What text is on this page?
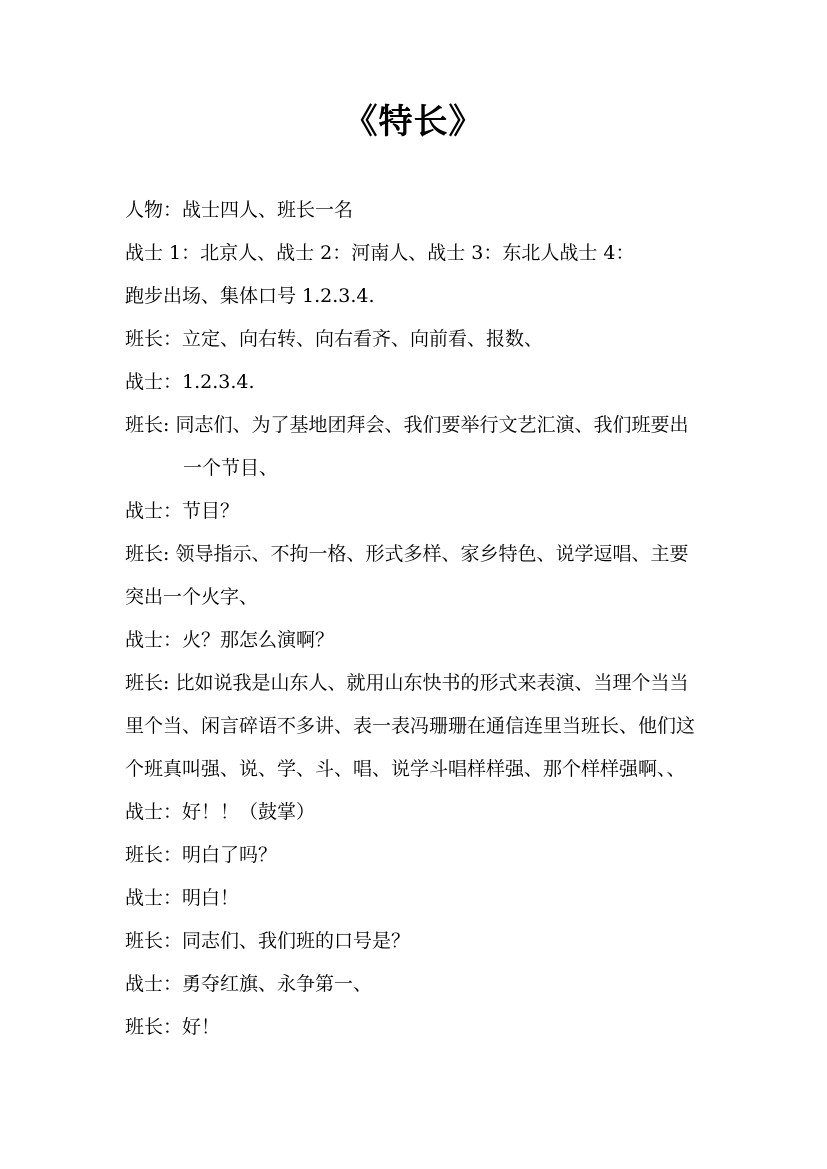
《特长》
人物：战士四人、班长一名
战士 1：北京人、战士 2：河南人、战士 3：东北人战士 4：
跑步出场、集体口号 1.2.3.4.
班长：立定、向右转、向右看齐、向前看、报数、
战士：1.2.3.4.
班长: 同志们、为了基地团拜会、我们要举行文艺汇演、我们班要出
一个节目、
战士：节目？
班长: 领导指示、不拘一格、形式多样、家乡特色、说学逗唱、主要
突出一个火字、
战士：火？那怎么演啊？
班长: 比如说我是山东人、就用山东快书的形式来表演、当理个当当
里个当、闲言碎语不多讲、表一表冯珊珊在通信连里当班长、他们这
个班真叫强、说、学、斗、唱、说学斗唱样样强、那个样样强啊、、
战士：好！！（鼓掌）
班长：明白了吗？
战士：明白！
班长：同志们、我们班的口号是？
战士：勇夺红旗、永争第一、
班长：好！
